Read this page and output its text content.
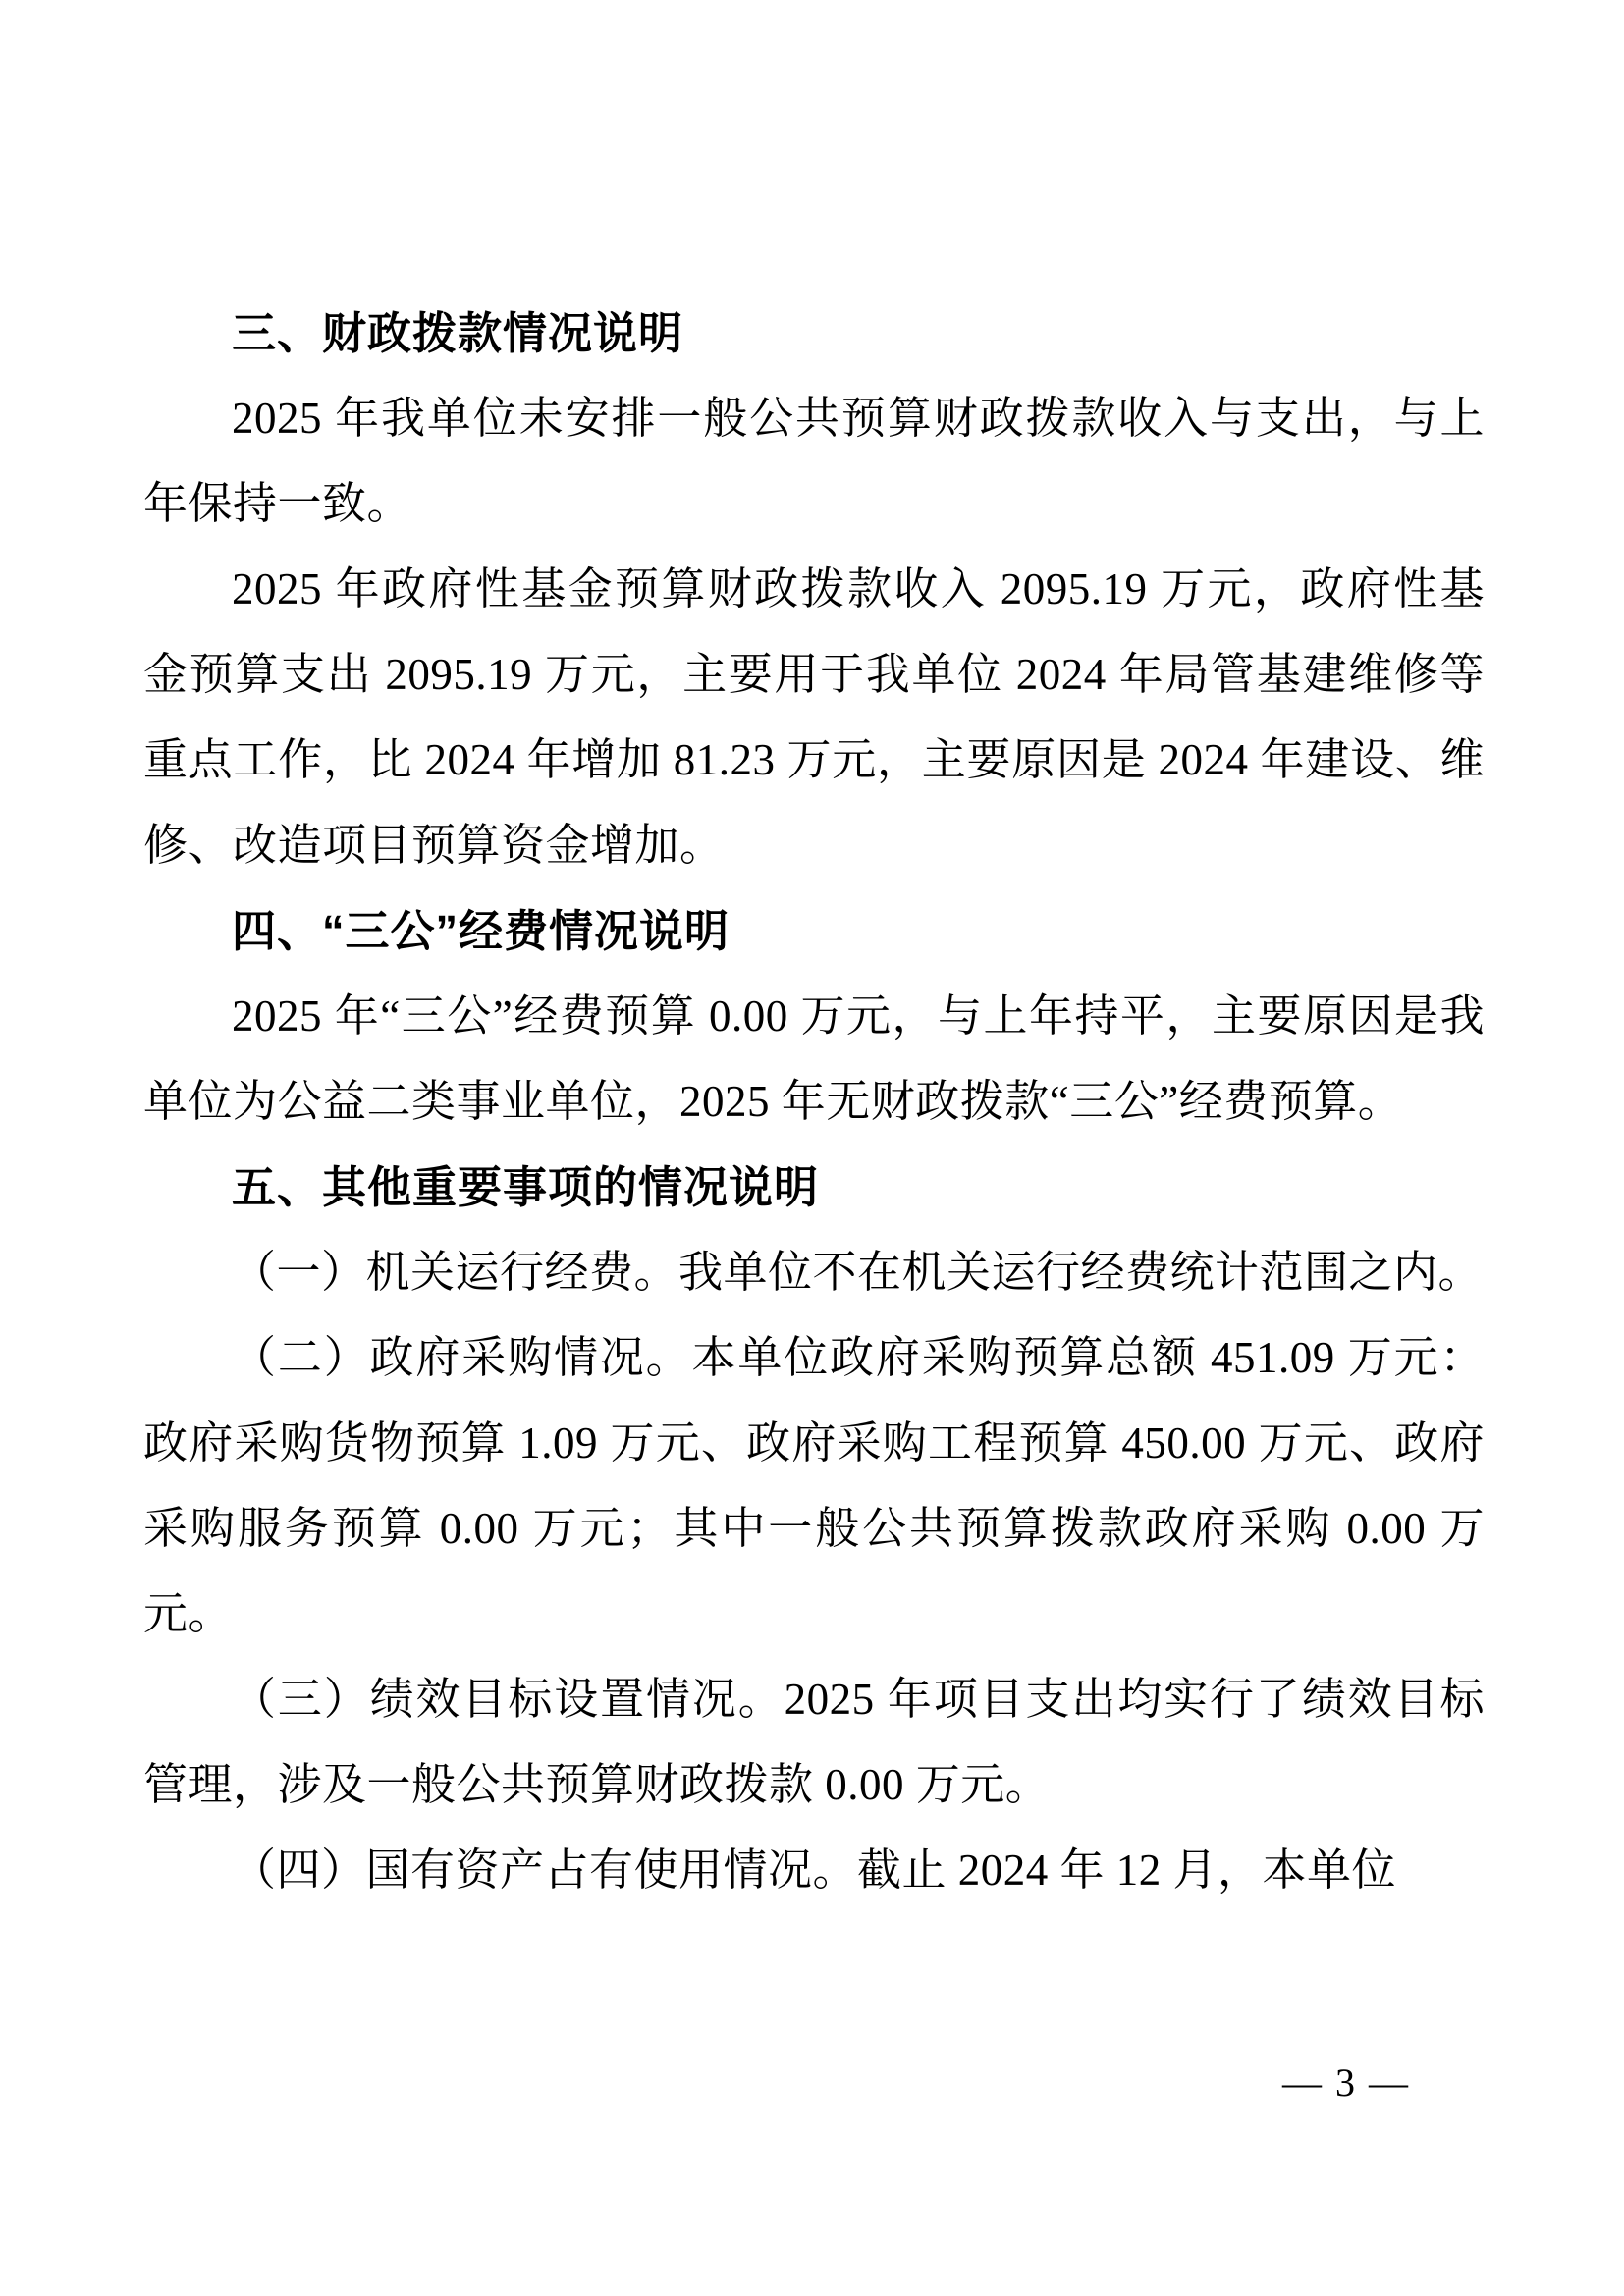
三、财政拨款情况说明
2025 年我单位未安排一般公共预算财政拨款收入与支出，与上年保持一致。
2025 年政府性基金预算财政拨款收入 2095.19 万元，政府性基金预算支出 2095.19 万元，主要用于我单位 2024 年局管基建维修等重点工作，比 2024 年增加 81.23 万元，主要原因是 2024 年建设、维修、改造项目预算资金增加。
四、“三公”经费情况说明
2025 年“三公”经费预算 0.00 万元，与上年持平，主要原因是我单位为公益二类事业单位，2025 年无财政拨款“三公”经费预算。
五、其他重要事项的情况说明
（一）机关运行经费。我单位不在机关运行经费统计范围之内。
（二）政府采购情况。本单位政府采购预算总额 451.09 万元：政府采购货物预算 1.09 万元、政府采购工程预算 450.00 万元、政府采购服务预算 0.00 万元；其中一般公共预算拨款政府采购 0.00 万元。
（三）绩效目标设置情况。2025 年项目支出均实行了绩效目标管理，涉及一般公共预算财政拨款 0.00 万元。
（四）国有资产占有使用情况。截止 2024 年 12 月，本单位
— 3 —
